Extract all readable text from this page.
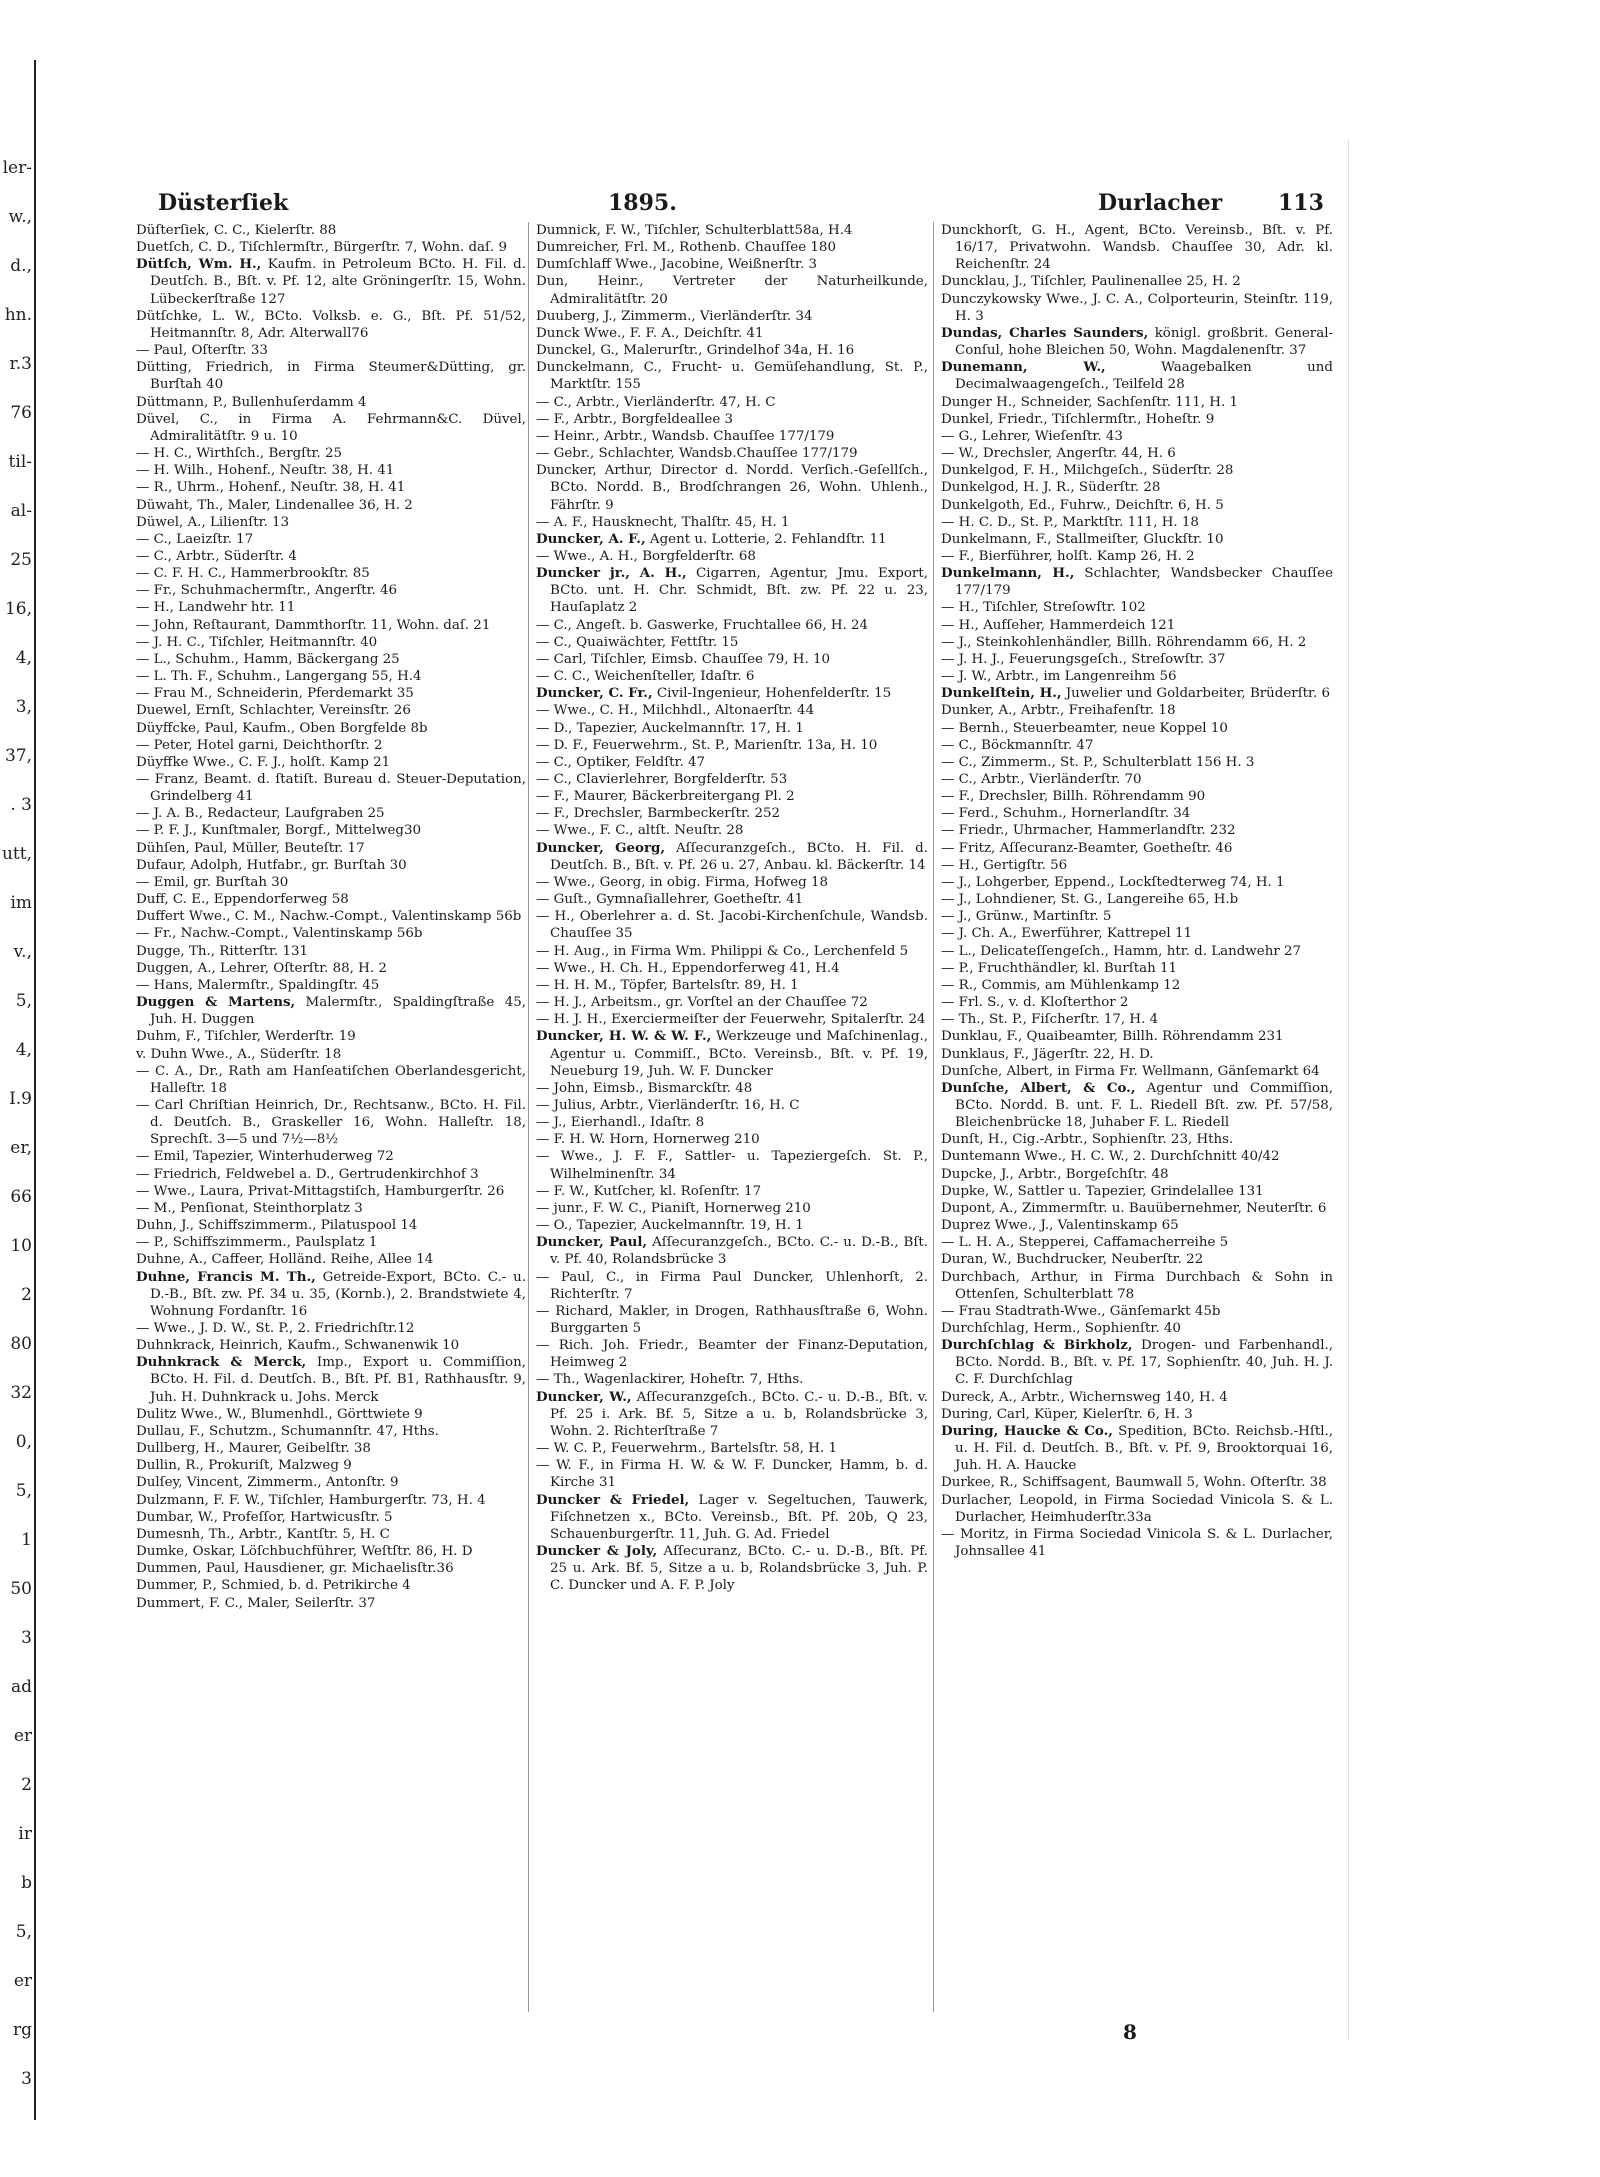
ler-
w.,
d.,
hn.
r.3
76
til-
al-
25
16,
4,
3,
37,
. 3
utt,
im
v.,
5,
4,
I.9
er,
66
10
2
80
32
0,
5,
1
50
3
ad
er
2
ir
b
5,
er
rg
3
Düsterſiek	1895.	Durlacher	113
Düſterſiek, C. C., Kielerſtr. 88
Duetſch, C. D., Tiſchlermſtr., Bürgerſtr. 7, Wohn. daſ. 9
Dütſch, Wm. H., Kaufm. in Petroleum BCto. H. Fil. d. Deutſch. B., Bſt. v. Pf. 12, alte Gröningerſtr. 15, Wohn. Lübeckerſtraße 127
Dütſchke, L. W., BCto. Volksb. e. G., Bſt. Pf. 51/52, Heitmannſtr. 8, Adr. Alterwall76
— Paul, Oſterſtr. 33
Dütting, Friedrich, in Firma Steumer&Dütting, gr. Burſtah 40
Düttmann, P., Bullenhuſerdamm 4
Düvel, C., in Firma A. Fehrmann&C. Düvel, Admiralitätſtr. 9 u. 10
— H. C., Wirthſch., Bergſtr. 25
— H. Wilh., Hohenf., Neuſtr. 38, H. 41
— R., Uhrm., Hohenf., Neuſtr. 38, H. 41
Düwaht, Th., Maler, Lindenallee 36, H. 2
Düwel, A., Lilienſtr. 13
— C., Laeizſtr. 17
— C., Arbtr., Süderſtr. 4
— C. F. H. C., Hammerbrookſtr. 85
— Fr., Schuhmachermſtr., Angerſtr. 46
— H., Landwehr htr. 11
— John, Reſtaurant, Dammthorſtr. 11, Wohn. daſ. 21
— J. H. C., Tiſchler, Heitmannſtr. 40
— L., Schuhm., Hamm, Bäckergang 25
— L. Th. F., Schuhm., Langergang 55, H.4
— Frau M., Schneiderin, Pferdemarkt 35
Duewel, Ernſt, Schlachter, Vereinsſtr. 26
Düyffcke, Paul, Kaufm., Oben Borgfelde 8b
— Peter, Hotel garni, Deichthorſtr. 2
Düyffke Wwe., C. F. J., holſt. Kamp 21
— Franz, Beamt. d. ſtatiſt. Bureau d. Steuer-Deputation, Grindelberg 41
— J. A. B., Redacteur, Laufgraben 25
— P. F. J., Kunſtmaler, Borgf., Mittelweg30
Dühſen, Paul, Müller, Beuteſtr. 17
Dufaur, Adolph, Hutfabr., gr. Burſtah 30
— Emil, gr. Burſtah 30
Duff, C. E., Eppendorferweg 58
Duffert Wwe., C. M., Nachw.-Compt., Valentinskamp 56b
— Fr., Nachw.-Compt., Valentinskamp 56b
Dugge, Th., Ritterſtr. 131
Duggen, A., Lehrer, Oſterſtr. 88, H. 2
— Hans, Malermſtr., Spaldingſtr. 45
Duggen & Martens, Malermſtr., Spaldingſtraße 45, Juh. H. Duggen
Duhm, F., Tiſchler, Werderſtr. 19
v. Duhn Wwe., A., Süderſtr. 18
— C. A., Dr., Rath am Hanſeatiſchen Oberlandesgericht, Halleſtr. 18
— Carl Chriſtian Heinrich, Dr., Rechtsanw., BCto. H. Fil. d. Deutſch. B., Graskeller 16, Wohn. Halleſtr. 18, Sprechſt. 3—5 und 7½—8½
— Emil, Tapezier, Winterhuderweg 72
— Friedrich, Feldwebel a. D., Gertrudenkirchhof 3
— Wwe., Laura, Privat-Mittagstiſch, Hamburgerſtr. 26
— M., Penſionat, Steinthorplatz 3
Duhn, J., Schiffszimmerm., Pilatuspool 14
— P., Schiffszimmerm., Paulsplatz 1
Duhne, A., Caffeer, Holländ. Reihe, Allee 14
Duhne, Francis M. Th., Getreide-Export, BCto. C.- u. D.-B., Bſt. zw. Pf. 34 u. 35, (Kornb.), 2. Brandstwiete 4, Wohnung Fordanſtr. 16
— Wwe., J. D. W., St. P., 2. Friedrichſtr.12
Duhnkrack, Heinrich, Kaufm., Schwanenwik 10
Duhnkrack & Merck, Imp., Export u. Commiſſion, BCto. H. Fil. d. Deutſch. B., Bſt. Pf. B1, Rathhausſtr. 9, Juh. H. Duhnkrack u. Johs. Merck
Dulitz Wwe., W., Blumenhdl., Görttwiete 9
Dullau, F., Schutzm., Schumannſtr. 47, Hths.
Dullberg, H., Maurer, Geibelſtr. 38
Dullin, R., Prokuriſt, Malzweg 9
Dulſey, Vincent, Zimmerm., Antonſtr. 9
Dulzmann, F. F. W., Tiſchler, Hamburgerſtr. 73, H. 4
Dumbar, W., Profeſſor, Hartwicusſtr. 5
Dumesnh, Th., Arbtr., Kantſtr. 5, H. C
Dumke, Oskar, Löſchbuchführer, Weſtſtr. 86, H. D
Dummen, Paul, Hausdiener, gr. Michaelisſtr.36
Dummer, P., Schmied, b. d. Petrikirche 4
Dummert, F. C., Maler, Seilerſtr. 37
Dumnick, F. W., Tiſchler, Schulterblatt58a, H.4
Dumreicher, Frl. M., Rothenb. Chauſſee 180
Dumſchlaff Wwe., Jacobine, Weißnerſtr. 3
Dun, Heinr., Vertreter der Naturheilkunde, Admiralitätſtr. 20
Duuberg, J., Zimmerm., Vierländerſtr. 34
Dunck Wwe., F. F. A., Deichſtr. 41
Dunckel, G., Malerurſtr., Grindelhof 34a, H. 16
Dunckelmann, C., Frucht- u. Gemüſehandlung, St. P., Marktſtr. 155
— C., Arbtr., Vierländerſtr. 47, H. C
— F., Arbtr., Borgfeldeallee 3
— Heinr., Arbtr., Wandsb. Chauſſee 177/179
— Gebr., Schlachter, Wandsb.Chauſſee 177/179
Duncker, Arthur, Director d. Nordd. Verſich.-Geſellſch., BCto. Nordd. B., Brodſchrangen 26, Wohn. Uhlenh., Fährſtr. 9
— A. F., Hausknecht, Thalſtr. 45, H. 1
Duncker, A. F., Agent u. Lotterie, 2. Fehlandſtr. 11
— Wwe., A. H., Borgfelderſtr. 68
Duncker jr., A. H., Cigarren, Agentur, Jmu. Export, BCto. unt. H. Chr. Schmidt, Bſt. zw. Pf. 22 u. 23, Hauſaplatz 2
— C., Angeſt. b. Gaswerke, Fruchtallee 66, H. 24
— C., Quaiwächter, Fettſtr. 15
— Carl, Tiſchler, Eimsb. Chauſſee 79, H. 10
— C. C., Weichenſteller, Idaſtr. 6
Duncker, C. Fr., Civil-Ingenieur, Hohenfelderſtr. 15
— Wwe., C. H., Milchhdl., Altonaerſtr. 44
— D., Tapezier, Auckelmannſtr. 17, H. 1
— D. F., Feuerwehrm., St. P., Marienſtr. 13a, H. 10
— C., Optiker, Feldſtr. 47
— C., Clavierlehrer, Borgfelderſtr. 53
— F., Maurer, Bäckerbreitergang Pl. 2
— F., Drechsler, Barmbeckerſtr. 252
— Wwe., F. C., altſt. Neuſtr. 28
Duncker, Georg, Aſſecuranzgeſch., BCto. H. Fil. d. Deutſch. B., Bſt. v. Pf. 26 u. 27, Anbau. kl. Bäckerſtr. 14
— Wwe., Georg, in obig. Firma, Hofweg 18
— Guſt., Gymnaſiallehrer, Goetheſtr. 41
— H., Oberlehrer a. d. St. Jacobi-Kirchenſchule, Wandsb. Chauſſee 35
— H. Aug., in Firma Wm. Philippi & Co., Lerchenfeld 5
— Wwe., H. Ch. H., Eppendorferweg 41, H.4
— H. H. M., Töpfer, Bartelsſtr. 89, H. 1
— H. J., Arbeitsm., gr. Vorſtel an der Chauſſee 72
— H. J. H., Exerciermeiſter der Feuerwehr, Spitalerſtr. 24
Duncker, H. W. & W. F., Werkzeuge und Maſchinenlag., Agentur u. Commiſſ., BCto. Vereinsb., Bſt. v. Pf. 19, Neueburg 19, Juh. W. F. Duncker
— John, Eimsb., Bismarckſtr. 48
— Julius, Arbtr., Vierländerſtr. 16, H. C
— J., Eierhandl., Idaſtr. 8
— F. H. W. Horn, Hornerweg 210
— Wwe., J. F. F., Sattler- u. Tapeziergeſch. St. P., Wilhelminenſtr. 34
— F. W., Kutſcher, kl. Roſenſtr. 17
— junr., F. W. C., Pianiſt, Hornerweg 210
— O., Tapezier, Auckelmannſtr. 19, H. 1
Duncker, Paul, Aſſecuranzgeſch., BCto. C.- u. D.-B., Bſt. v. Pf. 40, Rolandsbrücke 3
— Paul, C., in Firma Paul Duncker, Uhlenhorſt, 2. Richterſtr. 7
— Richard, Makler, in Drogen, Rathhausſtraße 6, Wohn. Burggarten 5
— Rich. Joh. Friedr., Beamter der Finanz-Deputation, Heimweg 2
— Th., Wagenlackirer, Hoheſtr. 7, Hths.
Duncker, W., Aſſecuranzgeſch., BCto. C.- u. D.-B., Bſt. v. Pf. 25 i. Ark. Bf. 5, Sitze a u. b, Rolandsbrücke 3, Wohn. 2. Richterſtraße 7
— W. C. P., Feuerwehrm., Bartelsſtr. 58, H. 1
— W. F., in Firma H. W. & W. F. Duncker, Hamm, b. d. Kirche 31
Duncker & Friedel, Lager v. Segeltuchen, Tauwerk, Fiſchnetzen x., BCto. Vereinsb., Bſt. Pf. 20b, Q 23, Schauenburgerſtr. 11, Juh. G. Ad. Friedel
Duncker & Joly, Aſſecuranz, BCto. C.- u. D.-B., Bſt. Pf. 25 u. Ark. Bf. 5, Sitze a u. b, Rolandsbrücke 3, Juh. P. C. Duncker und A. F. P. Joly
Dunckhorſt, G. H., Agent, BCto. Vereinsb., Bſt. v. Pf. 16/17, Privatwohn. Wandsb. Chauſſee 30, Adr. kl. Reichenſtr. 24
Duncklau, J., Tiſchler, Paulinenallee 25, H. 2
Dunczykowsky Wwe., J. C. A., Colporteurin, Steinſtr. 119, H. 3
Dundas, Charles Saunders, königl. großbrit. General-Conſul, hohe Bleichen 50, Wohn. Magdalenenſtr. 37
Dunemann, W., Waagebalken und Decimalwaagengeſch., Teilfeld 28
Dunger H., Schneider, Sachſenſtr. 111, H. 1
Dunkel, Friedr., Tiſchlermſtr., Hoheſtr. 9
— G., Lehrer, Wieſenſtr. 43
— W., Drechsler, Angerſtr. 44, H. 6
Dunkelgod, F. H., Milchgeſch., Süderſtr. 28
Dunkelgod, H. J. R., Süderſtr. 28
Dunkelgoth, Ed., Fuhrw., Deichſtr. 6, H. 5
— H. C. D., St. P., Marktſtr. 111, H. 18
Dunkelmann, F., Stallmeiſter, Gluckſtr. 10
— F., Bierführer, holſt. Kamp 26, H. 2
Dunkelmann, H., Schlachter, Wandsbecker Chauſſee 177/179
— H., Tiſchler, Streſowſtr. 102
— H., Aufſeher, Hammerdeich 121
— J., Steinkohlenhändler, Billh. Röhrendamm 66, H. 2
— J. H. J., Feuerungsgeſch., Streſowſtr. 37
— J. W., Arbtr., im Langenreihm 56
Dunkelſtein, H., Juwelier und Goldarbeiter, Brüderſtr. 6
Dunker, A., Arbtr., Freihafenſtr. 18
— Bernh., Steuerbeamter, neue Koppel 10
— C., Böckmannſtr. 47
— C., Zimmerm., St. P., Schulterblatt 156 H. 3
— C., Arbtr., Vierländerſtr. 70
— F., Drechsler, Billh. Röhrendamm 90
— Ferd., Schuhm., Hornerlandſtr. 34
— Friedr., Uhrmacher, Hammerlandſtr. 232
— Fritz, Aſſecuranz-Beamter, Goetheſtr. 46
— H., Gertigſtr. 56
— J., Lohgerber, Eppend., Lockſtedterweg 74, H. 1
— J., Lohndiener, St. G., Langereihe 65, H.b
— J., Grünw., Martinſtr. 5
— J. Ch. A., Ewerführer, Kattrepel 11
— L., Delicateſſengeſch., Hamm, htr. d. Landwehr 27
— P., Fruchthändler, kl. Burſtah 11
— R., Commis, am Mühlenkamp 12
— Frl. S., v. d. Kloſterthor 2
— Th., St. P., Fiſcherſtr. 17, H. 4
Dunklau, F., Quaibeamter, Billh. Röhrendamm 231
Dunklaus, F., Jägerſtr. 22, H. D.
Dunſche, Albert, in Firma Fr. Wellmann, Gänſemarkt 64
Dunſche, Albert, & Co., Agentur und Commiſſion, BCto. Nordd. B. unt. F. L. Riedell Bſt. zw. Pf. 57/58, Bleichenbrücke 18, Juhaber F. L. Riedell
Dunſt, H., Cig.-Arbtr., Sophienſtr. 23, Hths.
Duntemann Wwe., H. C. W., 2. Durchſchnitt 40/42
Dupcke, J., Arbtr., Borgeſchſtr. 48
Dupke, W., Sattler u. Tapezier, Grindelallee 131
Dupont, A., Zimmermſtr. u. Bauübernehmer, Neuterſtr. 6
Duprez Wwe., J., Valentinskamp 65
— L. H. A., Stepperei, Caffamacherreihe 5
Duran, W., Buchdrucker, Neuberſtr. 22
Durchbach, Arthur, in Firma Durchbach & Sohn in Ottenſen, Schulterblatt 78
— Frau Stadtrath-Wwe., Gänſemarkt 45b
Durchſchlag, Herm., Sophienſtr. 40
Durchſchlag & Birkholz, Drogen- und Farbenhandl., BCto. Nordd. B., Bſt. v. Pf. 17, Sophienſtr. 40, Juh. H. J. C. F. Durchſchlag
Dureck, A., Arbtr., Wichernsweg 140, H. 4
During, Carl, Küper, Kielerſtr. 6, H. 3
During, Haucke & Co., Spedition, BCto. Reichsb.-Hſtl., u. H. Fil. d. Deutſch. B., Bſt. v. Pf. 9, Brooktorquai 16, Juh. H. A. Haucke
Durkee, R., Schiffsagent, Baumwall 5, Wohn. Oſterſtr. 38
Durlacher, Leopold, in Firma Sociedad Vinicola S. & L. Durlacher, Heimhuderſtr.33a
— Moritz, in Firma Sociedad Vinicola S. & L. Durlacher, Johnsallee 41
8
